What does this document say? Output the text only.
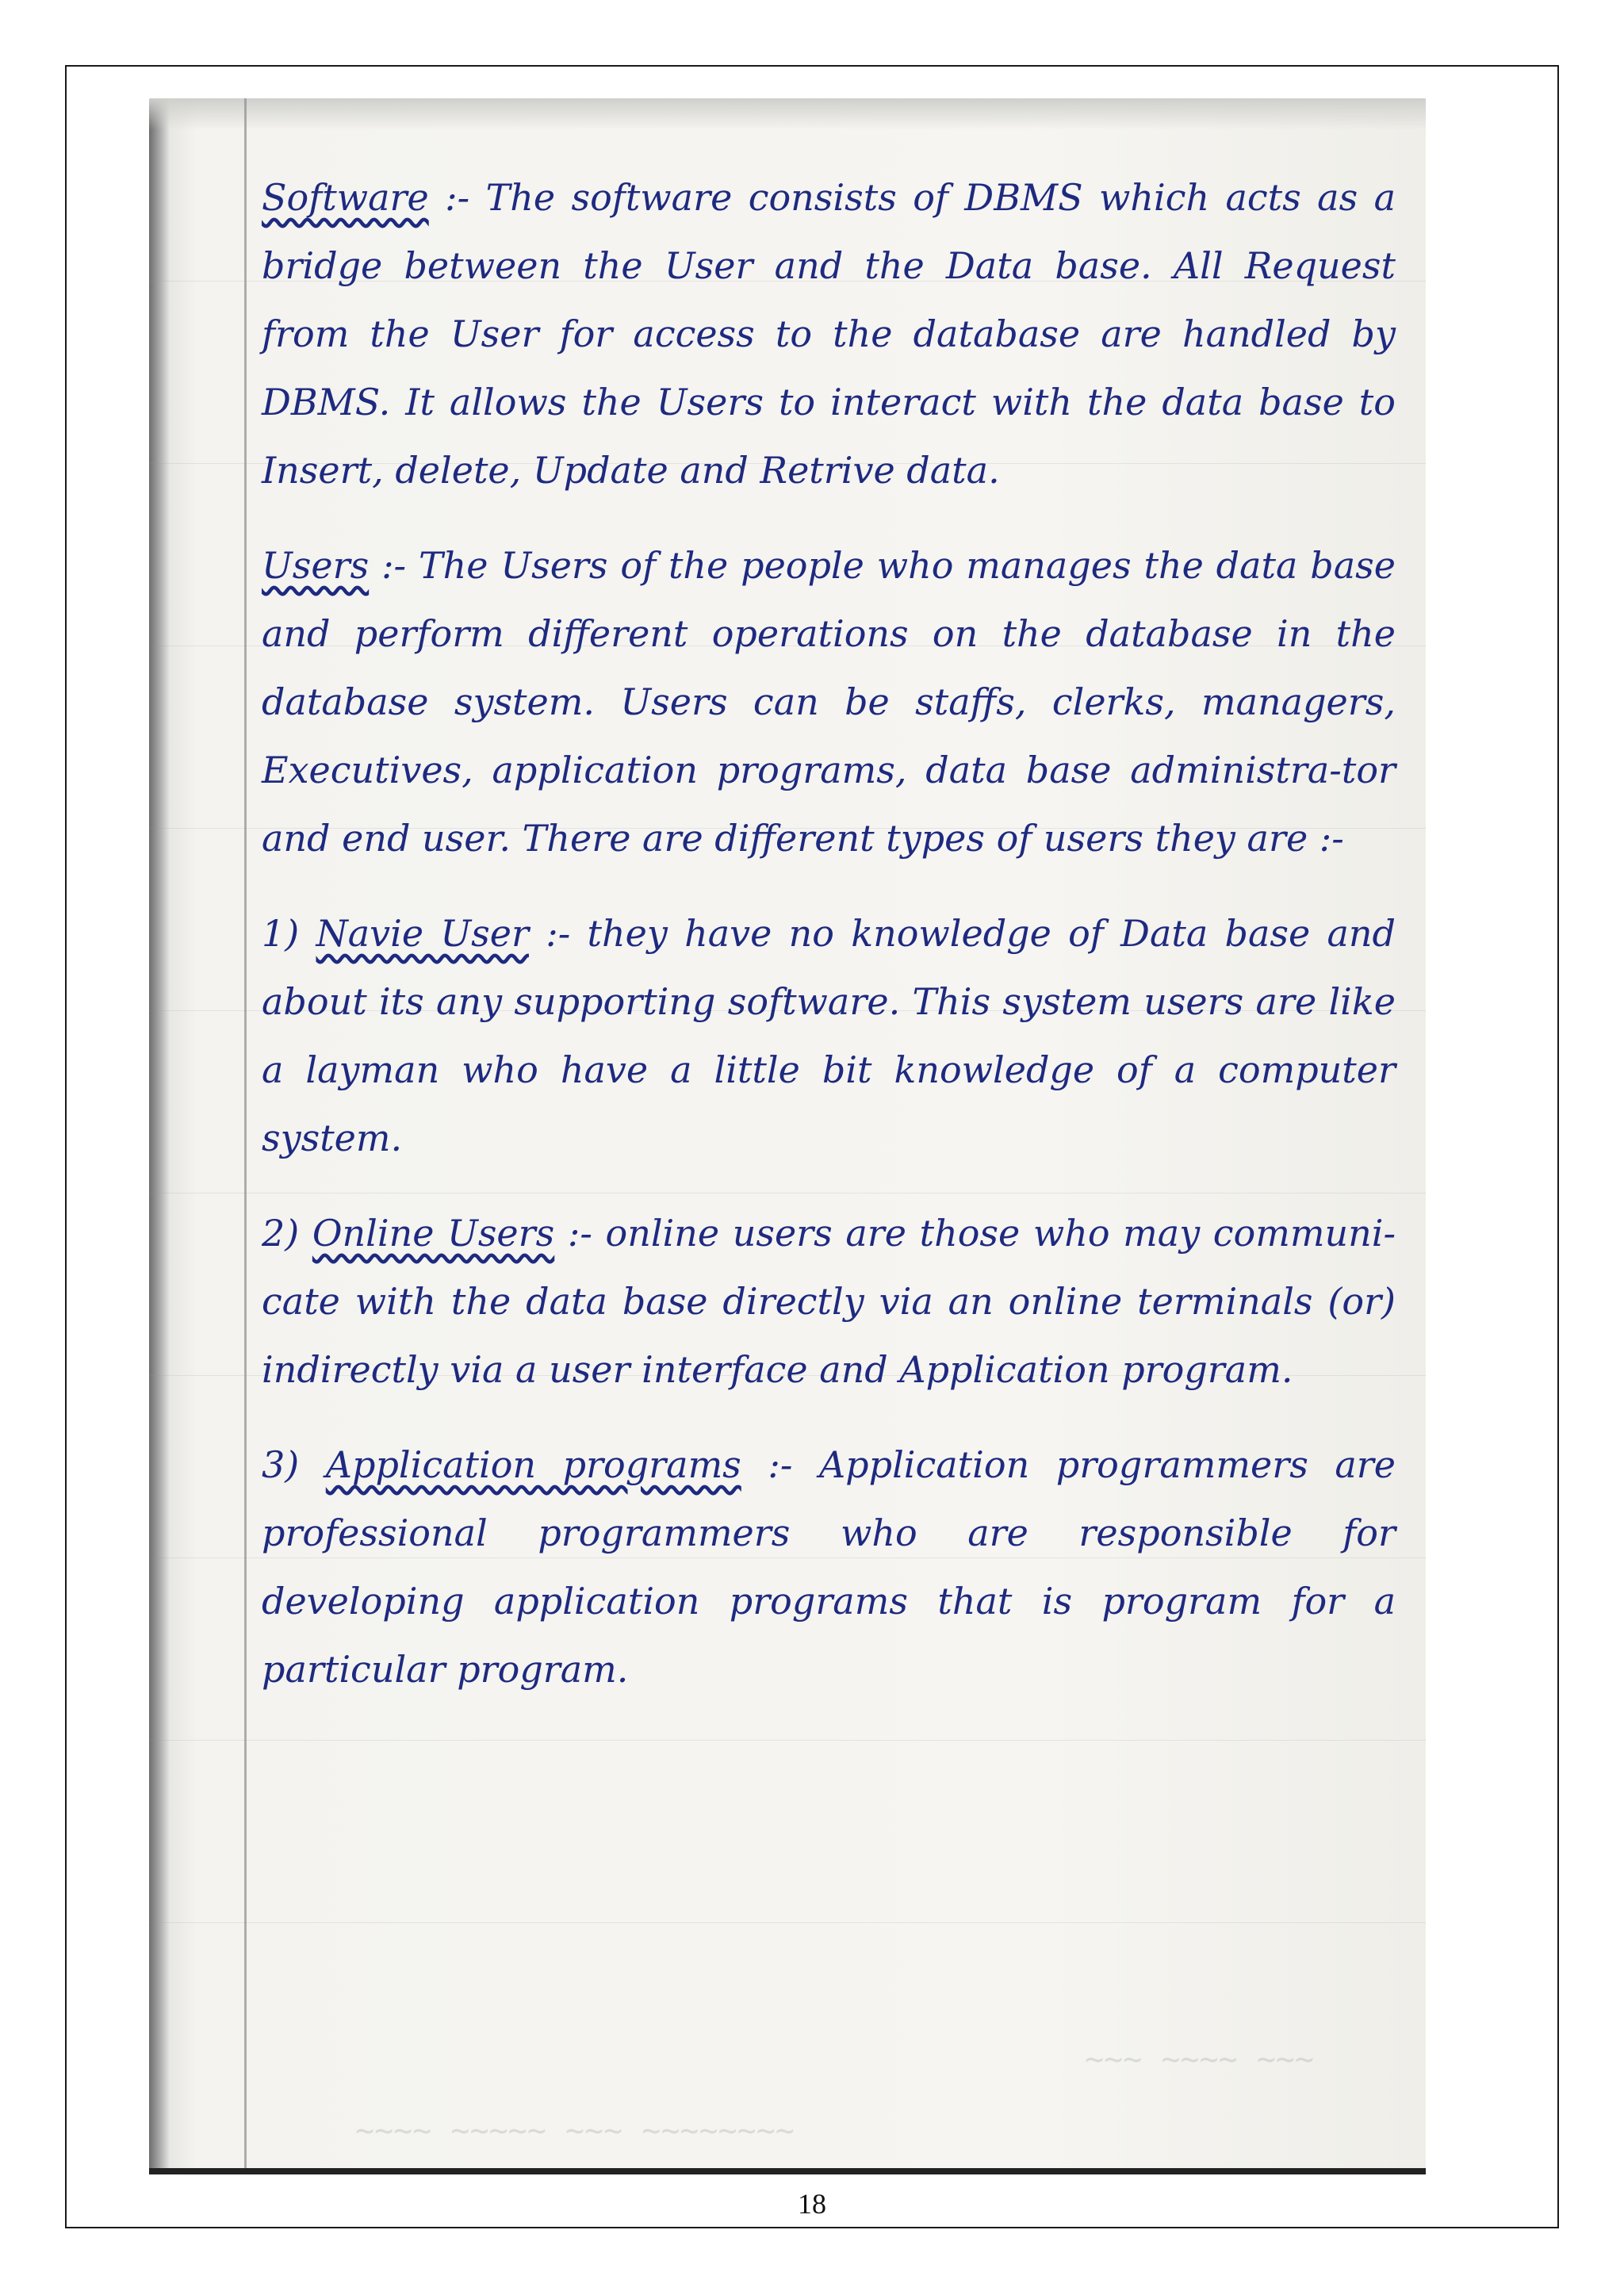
~~~ ~~~~ ~~~
~~~~ ~~~~~ ~~~ ~~~~~~~~

Software :- The software consists of DBMS which acts as a bridge between the User and the Data base. All Request from the User for access to the database are handled by DBMS. It allows the Users to interact with the data base to Insert, delete, Update and Retrive data.

Users :- The Users of the people who manages the data base and perform different operations on the database in the database system. Users can be staffs, clerks, managers, Executives, application programs, data base administra-tor and end user. There are different types of users they are :-

1) Navie User :- they have no knowledge of Data base and about its any supporting software. This system users are like a layman who have a little bit knowledge of a computer system.

2) Online Users :- online users are those who may communi-cate with the data base directly via an online terminals (or) indirectly via a user interface and Application program.

3) Application programs :- Application programmers are professional programmers who are responsible for developing application programs that is program for a particular program.

18
